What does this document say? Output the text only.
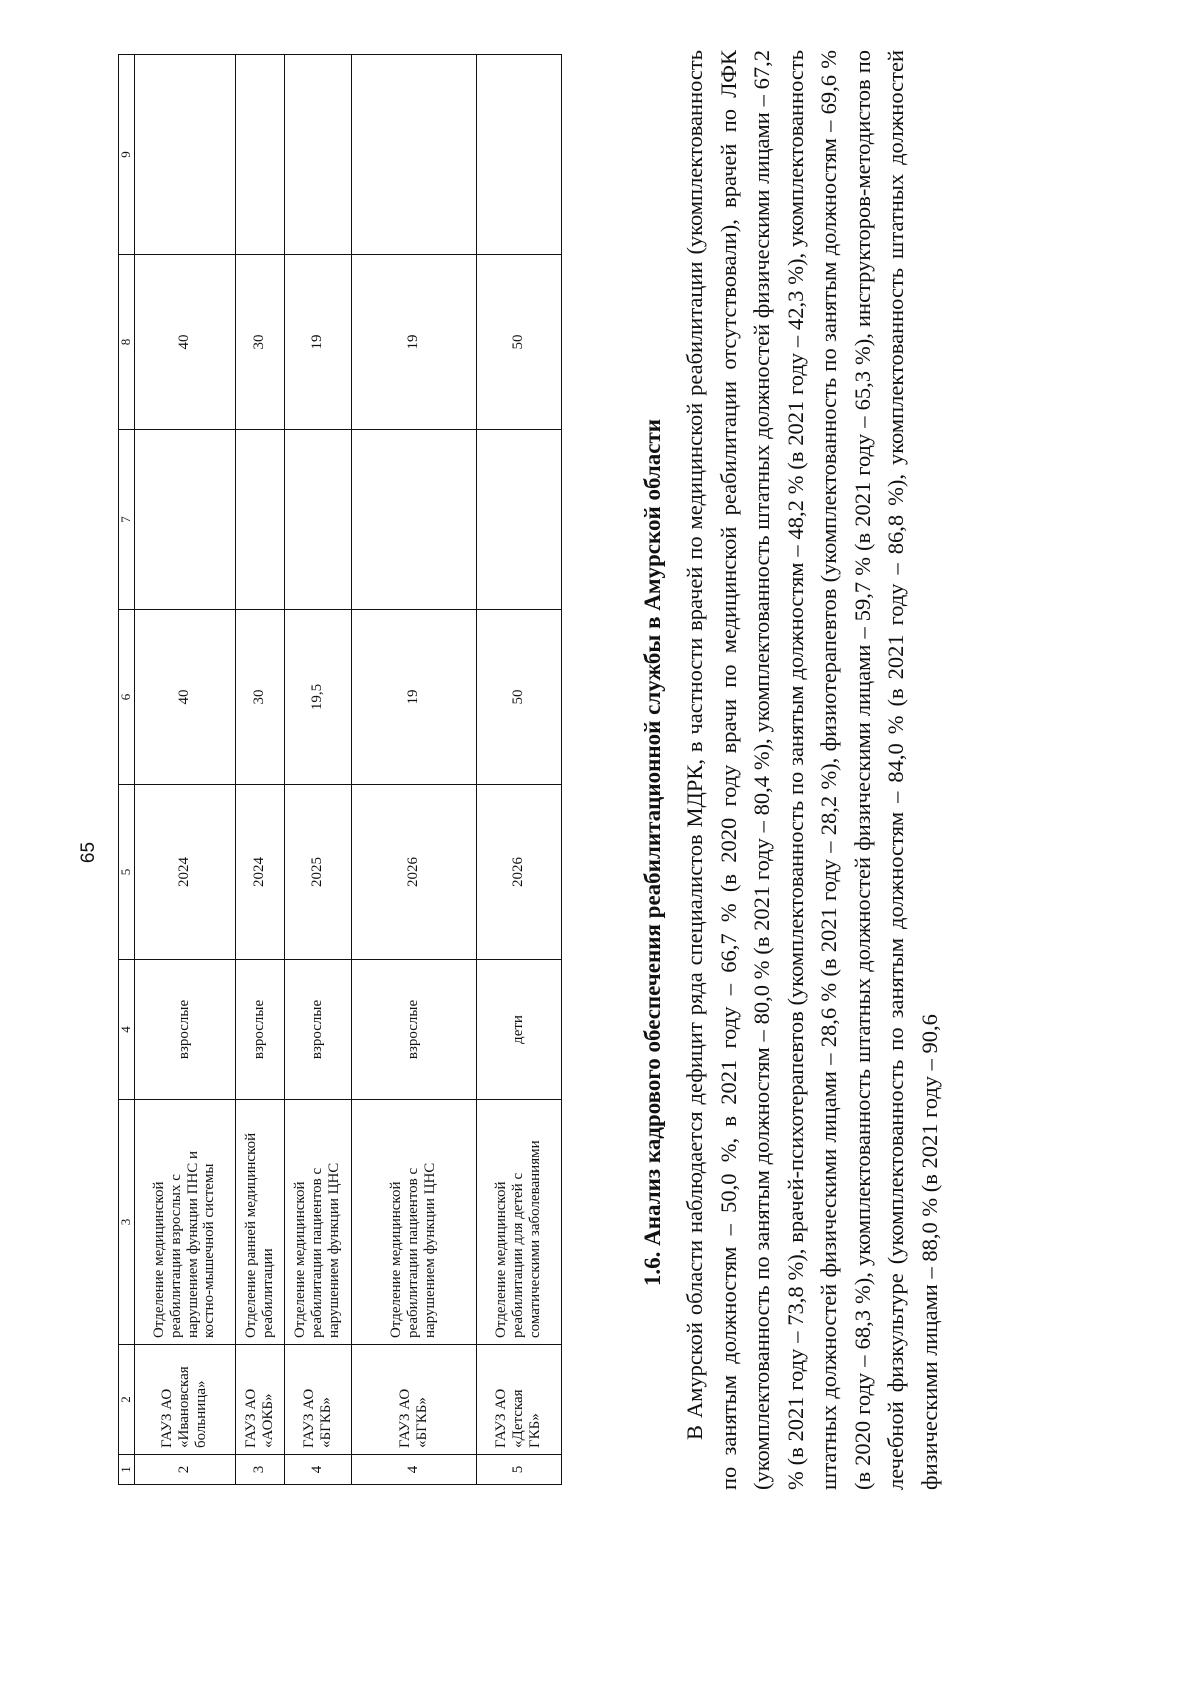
65
1	2	3	4	5	6	7	8	9
2	ГАУЗ АО «Ивановская больница»	Отделение медицинской реабилитации взрослых с нарушением функции ПНС и костно-мышечной системы	взрослые	2024	40		40	
3	ГАУЗ АО «АОКБ»	Отделение ранней медицинской реабилитации	взрослые	2024	30		30	
4	ГАУЗ АО «БГКБ»	Отделение медицинской реабилитации пациентов с нарушением функции ЦНС	взрослые	2025	19,5		19	
4	ГАУЗ АО «БГКБ»	Отделение медицинской реабилитации пациентов с нарушением функции ЦНС	взрослые	2026	19		19	
5	ГАУЗ АО «Детская ГКБ»	Отделение медицинской реабилитации для детей с соматическими заболеваниями	дети	2026	50		50	
1.6. Анализ кадрового обеспечения реабилитационной службы в Амурской области В Амурской области наблюдается дефицит ряда специалистов МДРК, в частности врачей по медицинской реабилитации (укомплектованность по занятым должностям – 50,0 %, в 2021 году – 66,7 % (в 2020 году врачи по медицинской реабилитации отсутствовали), врачей по ЛФК (укомплектованность по занятым должностям – 80,0 % (в 2021 году – 80,4 %), укомплектованность штатных должностей физическими лицами – 67,2 % (в 2021 году – 73,8 %), врачей-психотерапевтов (укомплектованность по занятым должностям – 48,2 % (в 2021 году – 42,3 %), укомплектованность штатных должностей физическими лицами – 28,6 % (в 2021 году – 28,2 %), физиотерапевтов (укомплектованность по занятым должностям – 69,6 % (в 2020 году – 68,3 %), укомплектованность штатных должностей физическими лицами – 59,7 % (в 2021 году – 65,3 %), инструкторов-методистов по лечебной физкультуре (укомплектованность по занятым должностям – 84,0 % (в 2021 году – 86,8 %), укомплектованность штатных должностей физическими лицами – 88,0 % (в 2021 году – 90,6
